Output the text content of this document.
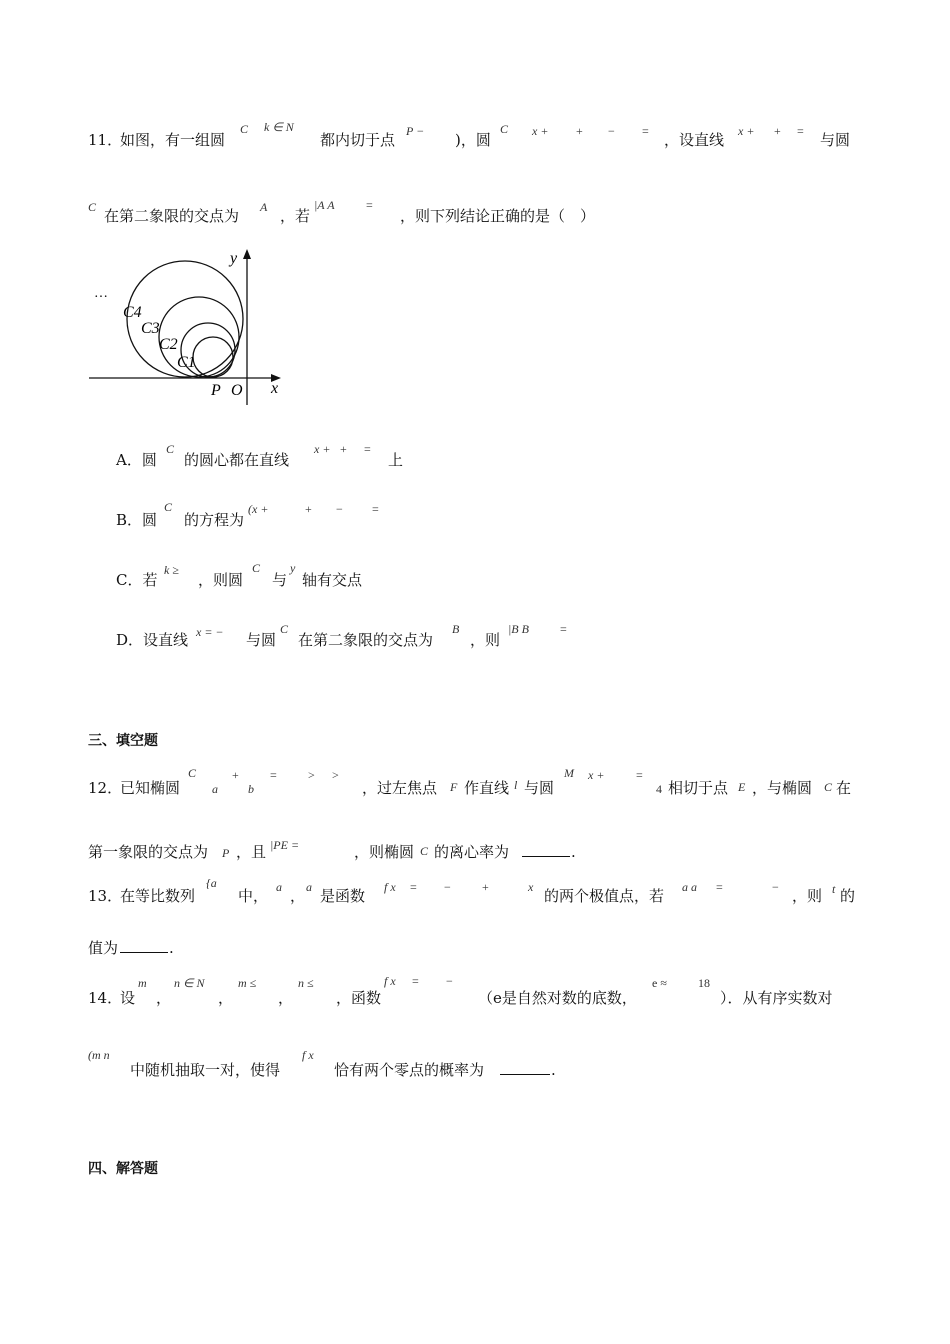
11．
如图，有一组圆
C k ∈ N
都内切于点 P − )，圆
C x + + − = ，设直线 x + + = 与圆
C 在第二象限的交点为 A ，若
|A A	=
，则下列结论正确的是（　）
…
y
x
P O
C4
C3
C2
C1
A．圆
C
的圆心都在直线
x + + =
上
B．圆
C
的方程为
(x +	+ − =
C．若
k ≥
，则圆
C
与
y
轴有交点
D．设直线 x = − 与圆
C
在第二象限的交点为
B
，则
|B B	=
三、填空题
12．
已知椭圆
C
a
+
b
=	> >
，过左焦点 F 作直线 l 与圆
M x +	=
4 相切于点 E ，与椭圆 C 在
第一象限的交点为 P ，且 |PE =	，则椭圆 C 的离心率为	.
13．
在等比数列
{a
中， a ， a 是函数 f x = −	+	x 的两个极值点，若 a a =	− ，则 t 的
值为	.
14．
设
m
，
n ∈ N
，
m ≤
，
n ≤
，函数
f x = −
（e是自然对数的底数，
e ≈	18
）．从有序实数对
(m n
中随机抽取一对，使得
f x
恰有两个零点的概率为	.
四、解答题
